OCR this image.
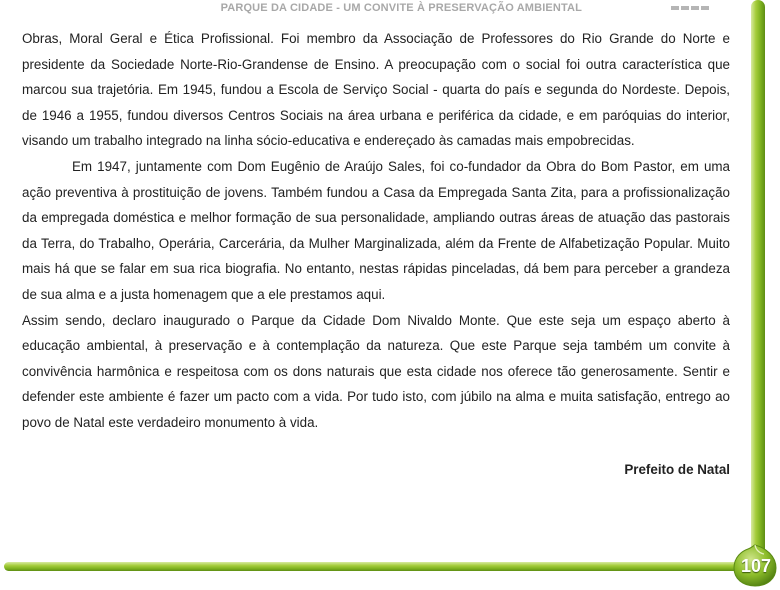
PARQUE DA CIDADE - UM CONVITE À PRESERVAÇÃO AMBIENTAL
107

Obras, Moral Geral e Ética Profissional. Foi membro da Associação de Professores do Rio Grande do Norte e presidente da Sociedade Norte-Rio-Grandense de Ensino. A preocupação com o social foi outra característica que marcou sua trajetória. Em 1945, fundou a Escola de Serviço Social - quarta do país e segunda do Nordeste. Depois, de 1946 a 1955, fundou diversos Centros Sociais na área urbana e periférica da cidade, e em paróquias do interior, visando um trabalho integrado na linha sócio-educativa e endereçado às camadas mais empobrecidas.

Em 1947, juntamente com Dom Eugênio de Araújo Sales, foi co-fundador da Obra do Bom Pastor, em uma ação preventiva à prostituição de jovens. Também fundou a Casa da Empregada Santa Zita, para a profissionalização da empregada doméstica e melhor formação de sua personalidade, ampliando outras áreas de atuação das pastorais da Terra, do Trabalho, Operária, Carcerária, da Mulher Marginalizada, além da Frente de Alfabetização Popular. Muito mais há que se falar em sua rica biografia. No entanto, nestas rápidas pinceladas, dá bem para perceber a grandeza de sua alma e a justa homenagem que a ele prestamos aqui.

Assim sendo, declaro inaugurado o Parque da Cidade Dom Nivaldo Monte. Que este seja um espaço aberto à educação ambiental, à preservação e à contemplação da natureza. Que este Parque seja também um convite à convivência harmônica e respeitosa com os dons naturais que esta cidade nos oferece tão generosamente. Sentir e defender este ambiente é fazer um pacto com a vida. Por tudo isto, com júbilo na alma e muita satisfação, entrego ao povo de Natal este verdadeiro monumento à vida.

Prefeito de Natal
